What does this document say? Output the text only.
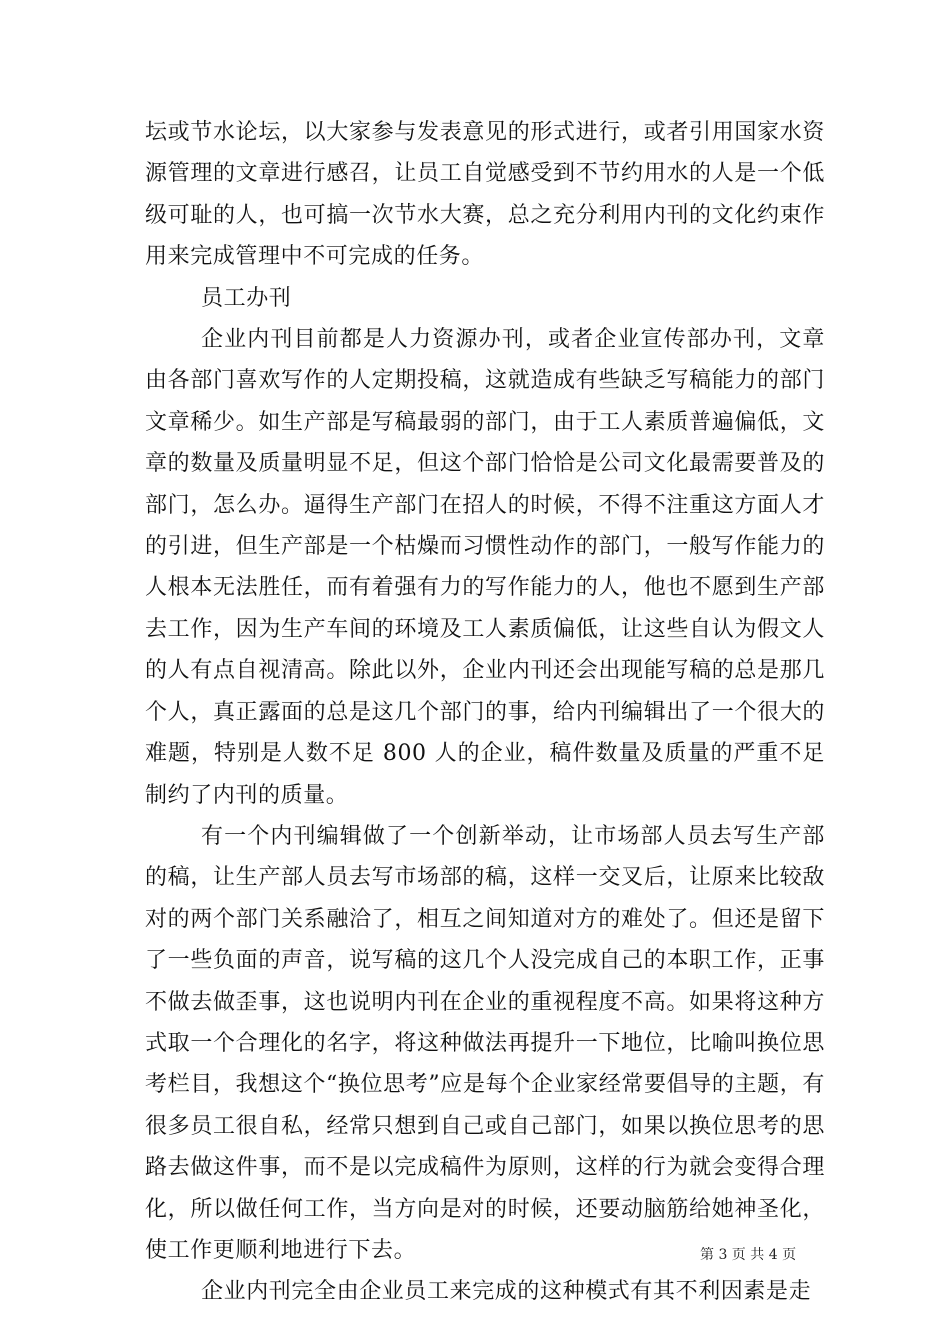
坛或节水论坛，以大家参与发表意见的形式进行，或者引用国家水资源管理的文章进行感召，让员工自觉感受到不节约用水的人是一个低级可耻的人，也可搞一次节水大赛，总之充分利用内刊的文化约束作用来完成管理中不可完成的任务。

员工办刊

企业内刊目前都是人力资源办刊，或者企业宣传部办刊，文章由各部门喜欢写作的人定期投稿，这就造成有些缺乏写稿能力的部门文章稀少。如生产部是写稿最弱的部门，由于工人素质普遍偏低，文章的数量及质量明显不足，但这个部门恰恰是公司文化最需要普及的部门，怎么办。逼得生产部门在招人的时候，不得不注重这方面人才的引进，但生产部是一个枯燥而习惯性动作的部门，一般写作能力的人根本无法胜任，而有着强有力的写作能力的人，他也不愿到生产部去工作，因为生产车间的环境及工人素质偏低，让这些自认为假文人的人有点自视清高。除此以外，企业内刊还会出现能写稿的总是那几个人，真正露面的总是这几个部门的事，给内刊编辑出了一个很大的难题，特别是人数不足 800 人的企业，稿件数量及质量的严重不足制约了内刊的质量。

有一个内刊编辑做了一个创新举动，让市场部人员去写生产部的稿，让生产部人员去写市场部的稿，这样一交叉后，让原来比较敌对的两个部门关系融洽了，相互之间知道对方的难处了。但还是留下了一些负面的声音，说写稿的这几个人没完成自己的本职工作，正事不做去做歪事，这也说明内刊在企业的重视程度不高。如果将这种方式取一个合理化的名字，将这种做法再提升一下地位，比喻叫换位思考栏目，我想这个“换位思考”应是每个企业家经常要倡导的主题，有很多员工很自私，经常只想到自己或自己部门，如果以换位思考的思路去做这件事，而不是以完成稿件为原则，这样的行为就会变得合理化，所以做任何工作，当方向是对的时候，还要动脑筋给她神圣化，使工作更顺利地进行下去。

企业内刊完全由企业员工来完成的这种模式有其不利因素是走

第 3 页 共 4 页
